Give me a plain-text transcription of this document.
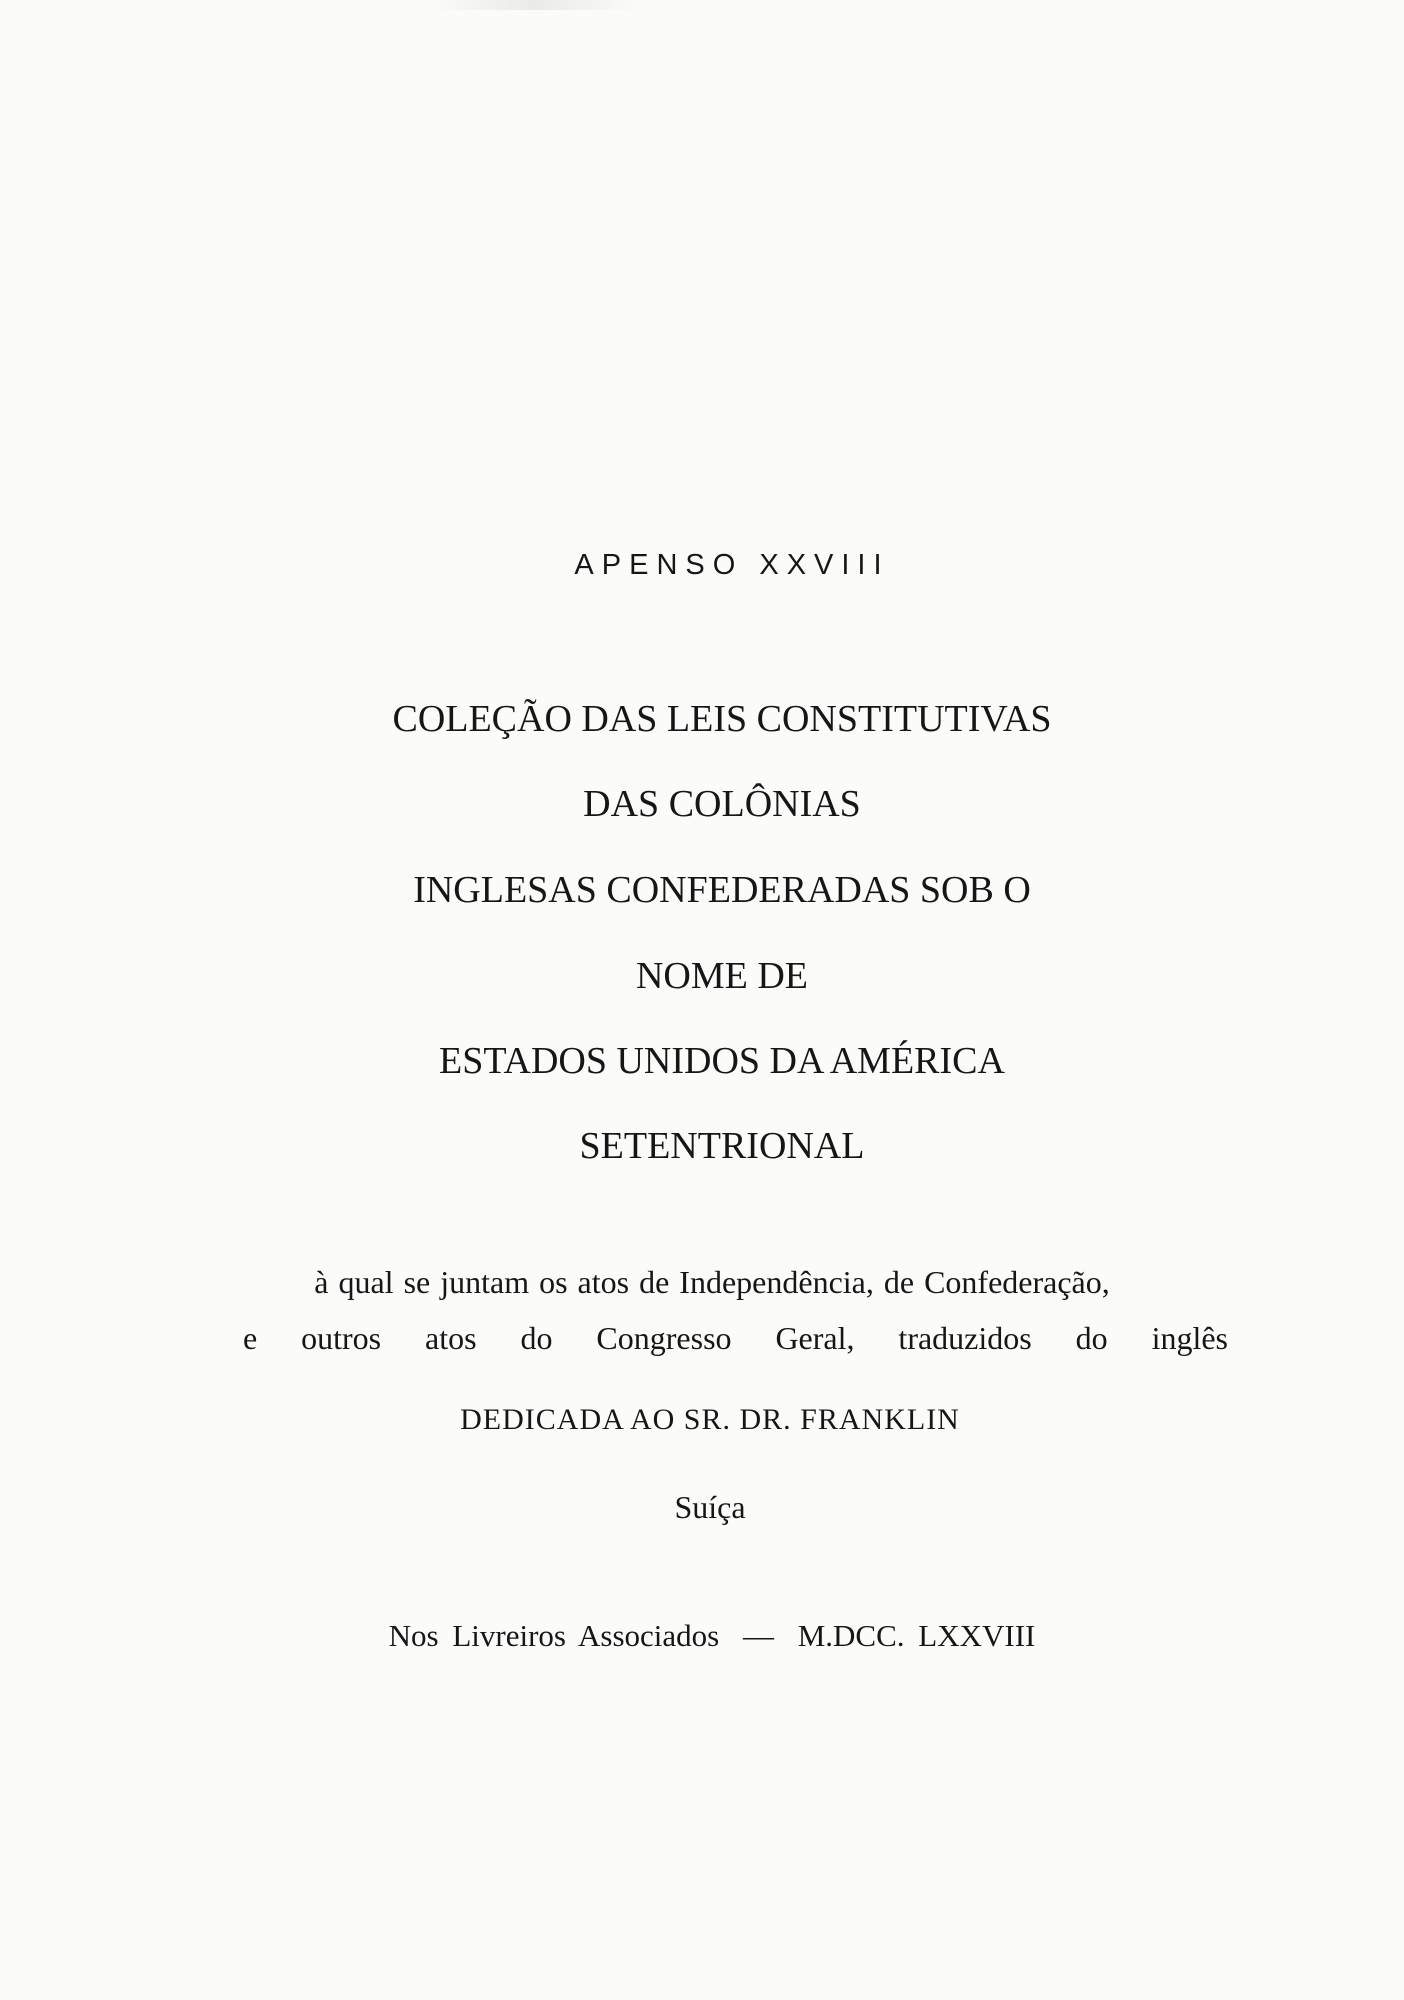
APENSO XXVIII
COLEÇÃO DAS LEIS CONSTITUTIVAS
DAS COLÔNIAS
INGLESAS CONFEDERADAS SOB O
NOME DE
ESTADOS UNIDOS DA AMÉRICA
SETENTRIONAL
à qual se juntam os atos de Independência, de Confederação,
e outros atos do Congresso Geral, traduzidos do inglês
DEDICADA AO SR. DR. FRANKLIN
Suíça
Nos Livreiros Associados — M.DCC. LXXVIII
